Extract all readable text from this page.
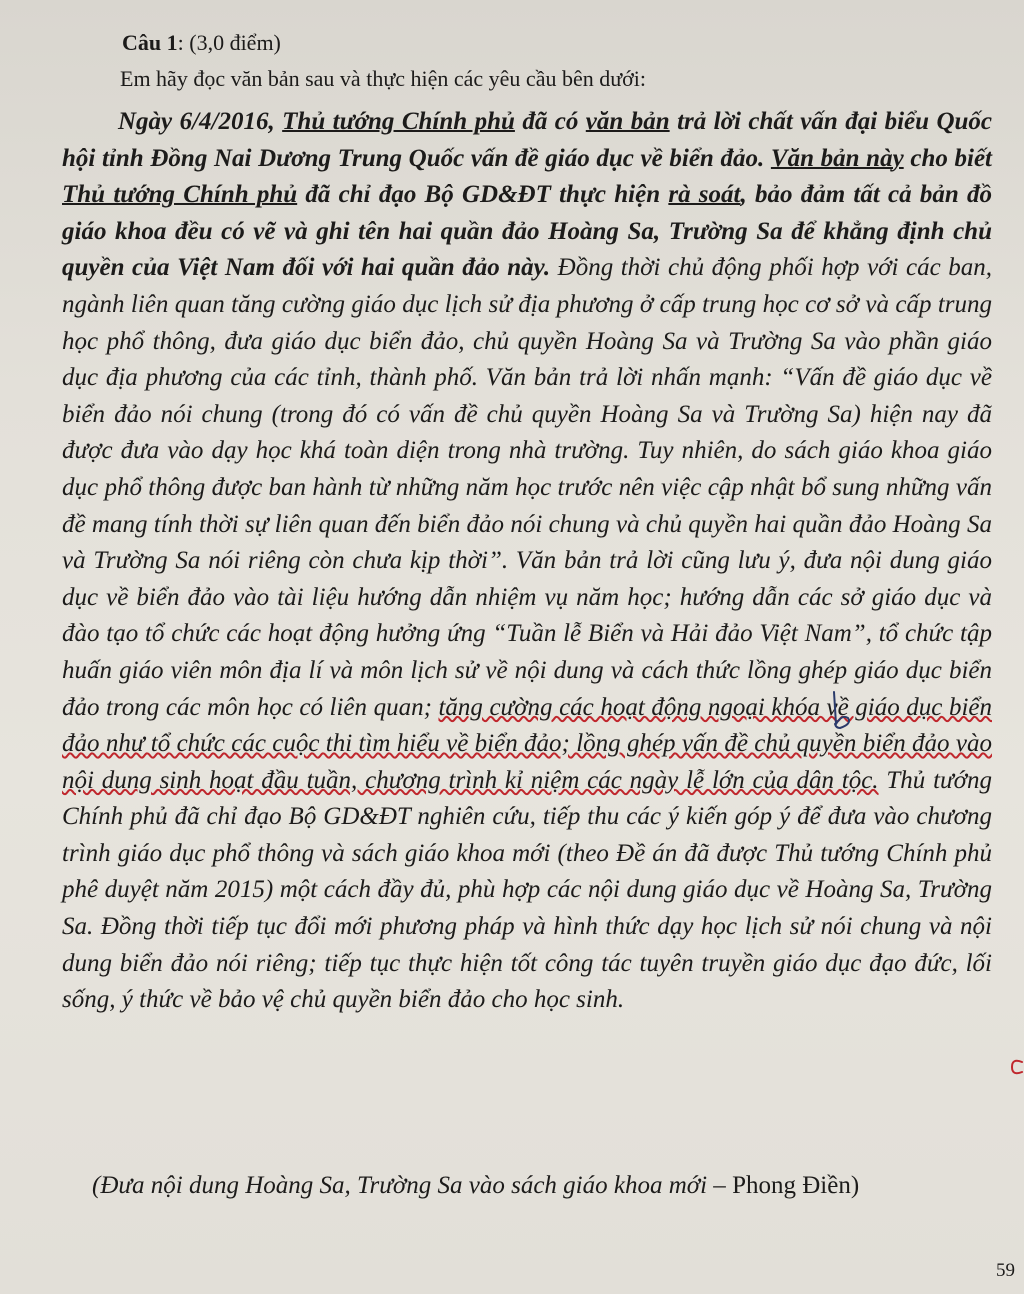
Câu 1: (3,0 điểm)
Em hãy đọc văn bản sau và thực hiện các yêu cầu bên dưới:
Ngày 6/4/2016, Thủ tướng Chính phủ đã có văn bản trả lời chất vấn đại biểu Quốc hội tỉnh Đồng Nai Dương Trung Quốc vấn đề giáo dục về biển đảo. Văn bản này cho biết Thủ tướng Chính phủ đã chỉ đạo Bộ GD&ĐT thực hiện rà soát, bảo đảm tất cả bản đồ giáo khoa đều có vẽ và ghi tên hai quần đảo Hoàng Sa, Trường Sa để khẳng định chủ quyền của Việt Nam đối với hai quần đảo này. Đồng thời chủ động phối hợp với các ban, ngành liên quan tăng cường giáo dục lịch sử địa phương ở cấp trung học cơ sở và cấp trung học phổ thông, đưa giáo dục biển đảo, chủ quyền Hoàng Sa và Trường Sa vào phần giáo dục địa phương của các tỉnh, thành phố. Văn bản trả lời nhấn mạnh: “Vấn đề giáo dục về biển đảo nói chung (trong đó có vấn đề chủ quyền Hoàng Sa và Trường Sa) hiện nay đã được đưa vào dạy học khá toàn diện trong nhà trường. Tuy nhiên, do sách giáo khoa giáo dục phổ thông được ban hành từ những năm học trước nên việc cập nhật bổ sung những vấn đề mang tính thời sự liên quan đến biển đảo nói chung và chủ quyền hai quần đảo Hoàng Sa và Trường Sa nói riêng còn chưa kịp thời”. Văn bản trả lời cũng lưu ý, đưa nội dung giáo dục về biển đảo vào tài liệu hướng dẫn nhiệm vụ năm học; hướng dẫn các sở giáo dục và đào tạo tổ chức các hoạt động hưởng ứng “Tuần lễ Biển và Hải đảo Việt Nam”, tổ chức tập huấn giáo viên môn địa lí và môn lịch sử về nội dung và cách thức lồng ghép giáo dục biển đảo trong các môn học có liên quan; tăng cường các hoạt động ngoại khóa về giáo dục biển đảo như tổ chức các cuộc thi tìm hiểu về biển đảo; lồng ghép vấn đề chủ quyền biển đảo vào nội dung sinh hoạt đầu tuần, chương trình kỉ niệm các ngày lễ lớn của dân tộc. Thủ tướng Chính phủ đã chỉ đạo Bộ GD&ĐT nghiên cứu, tiếp thu các ý kiến góp ý để đưa vào chương trình giáo dục phổ thông và sách giáo khoa mới (theo Đề án đã được Thủ tướng Chính phủ phê duyệt năm 2015) một cách đầy đủ, phù hợp các nội dung giáo dục về Hoàng Sa, Trường Sa. Đồng thời tiếp tục đổi mới phương pháp và hình thức dạy học lịch sử nói chung và nội dung biển đảo nói riêng; tiếp tục thực hiện tốt công tác tuyên truyền giáo dục đạo đức, lối sống, ý thức về bảo vệ chủ quyền biển đảo cho học sinh.
(Đưa nội dung Hoàng Sa, Trường Sa vào sách giáo khoa mới – Phong Điền)
59
